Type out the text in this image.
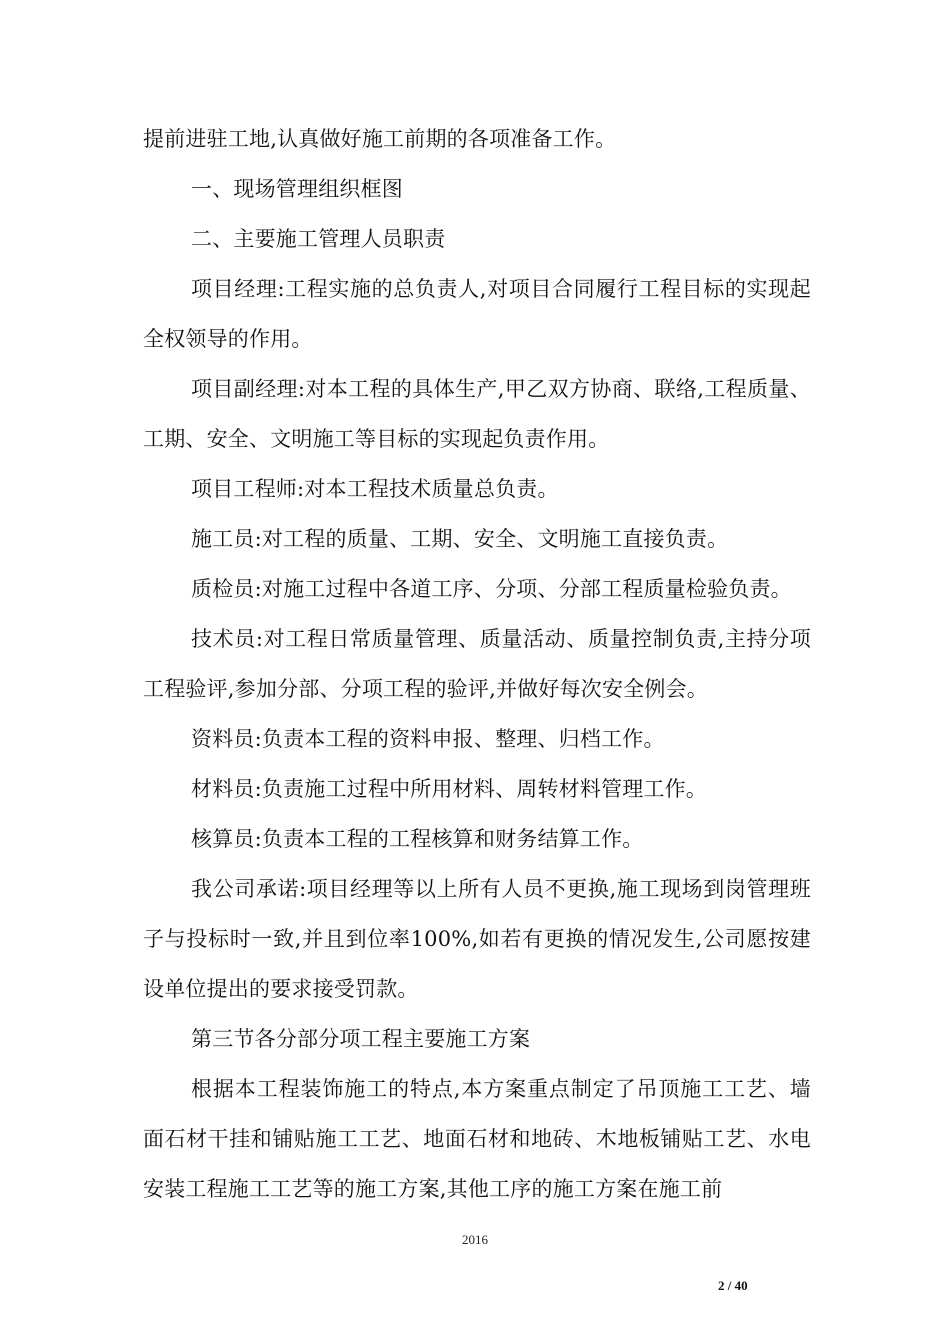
提前进驻工地,认真做好施工前期的各项准备工作。

一、现场管理组织框图

二、主要施工管理人员职责

项目经理:工程实施的总负责人,对项目合同履行工程目标的实现起全权领导的作用。

项目副经理:对本工程的具体生产,甲乙双方协商、联络,工程质量、工期、安全、文明施工等目标的实现起负责作用。

项目工程师:对本工程技术质量总负责。

施工员:对工程的质量、工期、安全、文明施工直接负责。

质检员:对施工过程中各道工序、分项、分部工程质量检验负责。

技术员:对工程日常质量管理、质量活动、质量控制负责,主持分项工程验评,参加分部、分项工程的验评,并做好每次安全例会。

资料员:负责本工程的资料申报、整理、归档工作。

材料员:负责施工过程中所用材料、周转材料管理工作。

核算员:负责本工程的工程核算和财务结算工作。

我公司承诺:项目经理等以上所有人员不更换,施工现场到岗管理班子与投标时一致,并且到位率100%,如若有更换的情况发生,公司愿按建设单位提出的要求接受罚款。

第三节各分部分项工程主要施工方案

根据本工程装饰施工的特点,本方案重点制定了吊顶施工工艺、墙面石材干挂和铺贴施工工艺、地面石材和地砖、木地板铺贴工艺、水电安装工程施工工艺等的施工方案,其他工序的施工方案在施工前

2016
2 / 40
